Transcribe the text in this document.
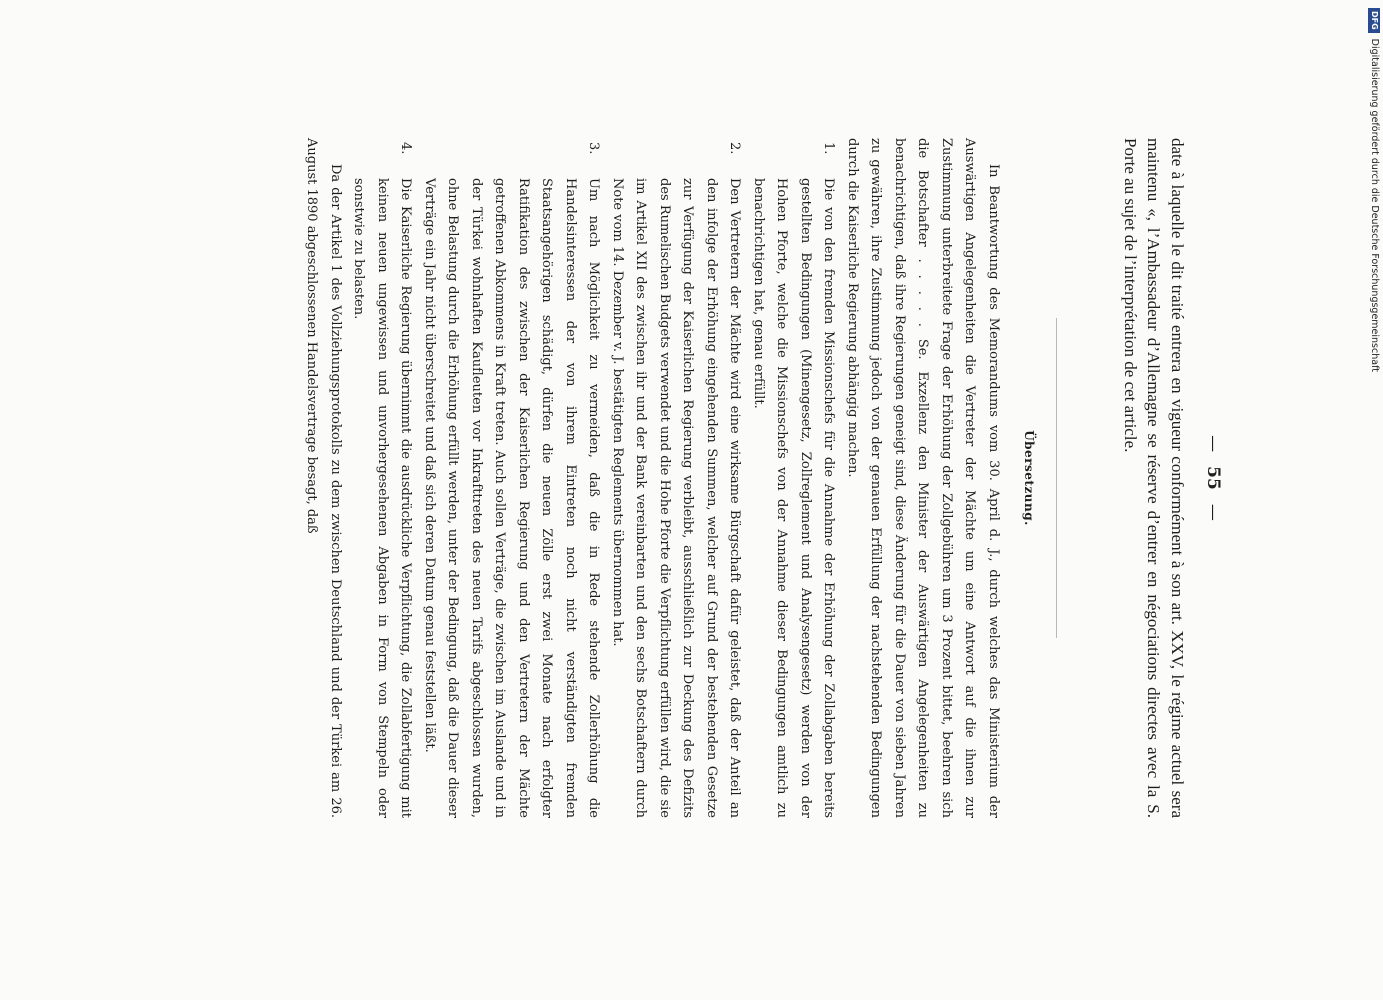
—55—

date à laquelle le dit traité entrera en vigueur conformément à son art. XXV, le régime actuel sera maintenu «, l’Ambassadeur d’Allemagne se réserve d’entrer en négociations directes avec la S. Porte au sujet de l’interprétation de cet article.

Übersetzung.

In Beantwortung des Memorandums vom 30. April d. J., durch welches das Ministerium der Auswärtigen Angelegenheiten die Vertreter der Mächte um eine Antwort auf die ihnen zur Zustimmung unterbreitete Frage der Erhöhung der Zollgebühren um 3 Prozent bittet, beehren sich die Botschafter . . . . . Se. Exzellenz den Minister der Auswärtigen Angelegenheiten zu benachrichtigen, daß ihre Regierungen geneigt sind, diese Änderung für die Dauer von sieben Jahren zu gewähren, ihre Zustimmung jedoch von der genauen Erfüllung der nachstehenden Bedingungen durch die Kaiserliche Regierung abhängig machen.

1.
Die von den fremden Missionschefs für die Annahme der Erhöhung der Zollabgaben bereits gestellten Bedingungen (Minengesetz, Zollreglement und Analysengesetz) werden von der Hohen Pforte, welche die Missionschefs von der Annahme dieser Bedingungen amtlich zu benachrichtigen hat, genau erfüllt.
2.
Den Vertretern der Mächte wird eine wirksame Bürgschaft dafür geleistet, daß der Anteil an den infolge der Erhöhung eingehenden Summen, welcher auf Grund der bestehenden Gesetze zur Verfügung der Kaiserlichen Regierung verbleibt, ausschließlich zur Deckung des Defizits des Rumelischen Budgets verwendet und die Hohe Pforte die Verpflichtung erfüllen wird, die sie im Artikel XII des zwischen ihr und der Bank vereinbarten und den sechs Botschaftern durch Note vom 14. Dezember v. J. bestätigten Reglements übernommen hat.
3.
Um nach Möglichkeit zu vermeiden, daß die in Rede stehende Zollerhöhung die Handelsinteressen der von ihrem Eintreten noch nicht verständigten fremden Staatsangehörigen schädigt, dürfen die neuen Zölle erst zwei Monate nach erfolgter Ratifikation des zwischen der Kaiserlichen Regierung und den Vertretern der Mächte getroffenen Abkommens in Kraft treten. Auch sollen Verträge, die zwischen im Auslande und in der Türkei wohnhaften Kaufleuten vor Inkrafttreten des neuen Tarifs abgeschlossen wurden, ohne Belastung durch die Erhöhung erfüllt werden, unter der Bedingung, daß die Dauer dieser Verträge ein Jahr nicht überschreitet und daß sich deren Datum genau feststellen läßt.
4.
Die Kaiserliche Regierung übernimmt die ausdrückliche Verpflichtung, die Zollabfertigung mit keinen neuen ungewissen und unvorhergesehenen Abgaben in Form von Stempeln oder sonstwie zu belasten.

Da der Artikel 1 des Vollziehungsprotokolls zu dem zwischen Deutschland und der Türkei am 26. August 1890 abgeschlossenen Handelsvertrage besagt, daß

DFGDigitalisierung gefördert durch die Deutsche Forschungsgemeinschaft
